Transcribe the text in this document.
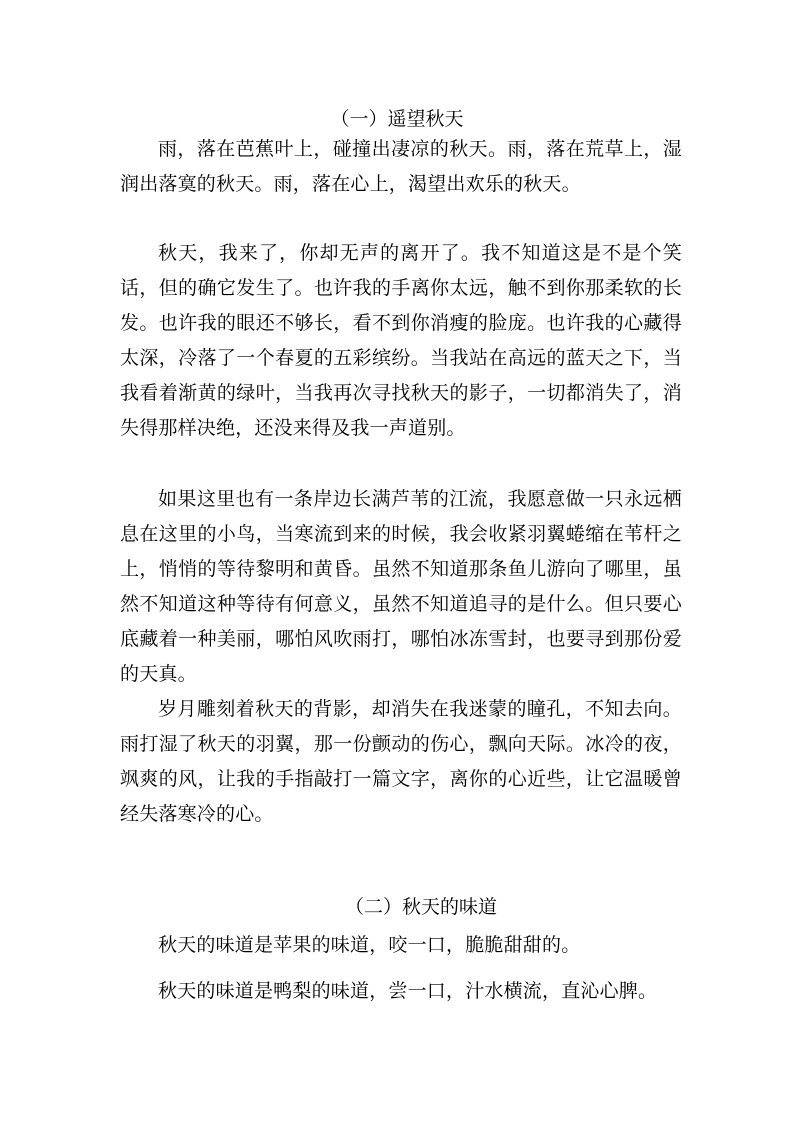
（一）遥望秋天

雨，落在芭蕉叶上，碰撞出凄凉的秋天。雨，落在荒草上，湿润出落寞的秋天。雨，落在心上，渴望出欢乐的秋天。

秋天，我来了，你却无声的离开了。我不知道这是不是个笑话，但的确它发生了。也许我的手离你太远，触不到你那柔软的长发。也许我的眼还不够长，看不到你消瘦的脸庞。也许我的心藏得太深，冷落了一个春夏的五彩缤纷。当我站在高远的蓝天之下，当我看着渐黄的绿叶，当我再次寻找秋天的影子，一切都消失了，消失得那样决绝，还没来得及我一声道别。

如果这里也有一条岸边长满芦苇的江流，我愿意做一只永远栖息在这里的小鸟，当寒流到来的时候，我会收紧羽翼蜷缩在苇杆之上，悄悄的等待黎明和黄昏。虽然不知道那条鱼儿游向了哪里，虽然不知道这种等待有何意义，虽然不知道追寻的是什么。但只要心底藏着一种美丽，哪怕风吹雨打，哪怕冰冻雪封，也要寻到那份爱的天真。

岁月雕刻着秋天的背影，却消失在我迷蒙的瞳孔，不知去向。雨打湿了秋天的羽翼，那一份颤动的伤心，飘向天际。冰冷的夜，飒爽的风，让我的手指敲打一篇文字，离你的心近些，让它温暖曾经失落寒冷的心。

（二）秋天的味道

秋天的味道是苹果的味道，咬一口，脆脆甜甜的。

秋天的味道是鸭梨的味道，尝一口，汁水横流，直沁心脾。
